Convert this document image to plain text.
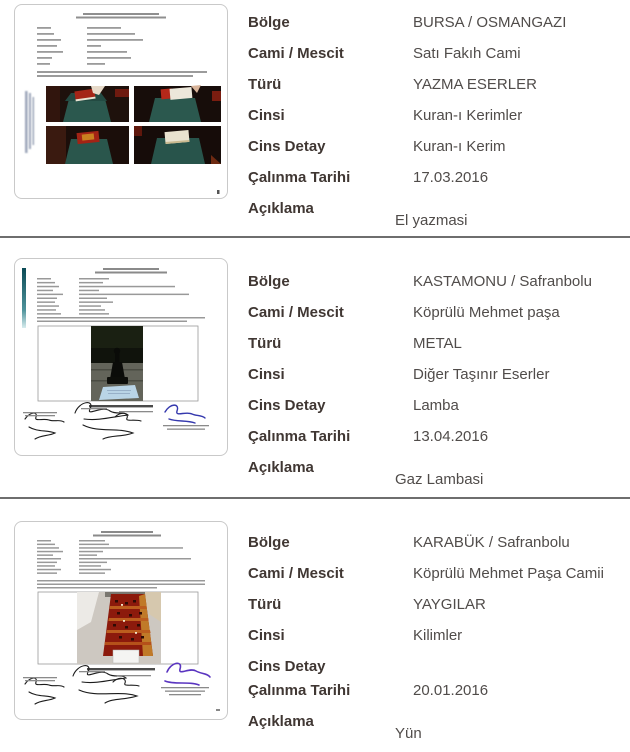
Bölge	BURSA / OSMANGAZI
Cami / Mescit	Satı Fakıh Cami
Türü	YAZMA ESERLER
Cinsi	Kuran-ı Kerimler
Cins Detay	Kuran-ı Kerim
Çalınma Tarihi	17.03.2016
Açıklama
El yazmasi
Bölge	KASTAMONU / Safranbolu
Cami / Mescit	Köprülü Mehmet paşa
Türü	METAL
Cinsi	Diğer Taşınır Eserler
Cins Detay	Lamba
Çalınma Tarihi	13.04.2016
Açıklama
Gaz Lambasi
Bölge	KARABÜK / Safranbolu
Cami / Mescit	Köprülü Mehmet Paşa Camii
Türü	YAYGILAR
Cinsi	Kilimler
Cins Detay
Çalınma Tarihi	20.01.2016
Açıklama
Yün
